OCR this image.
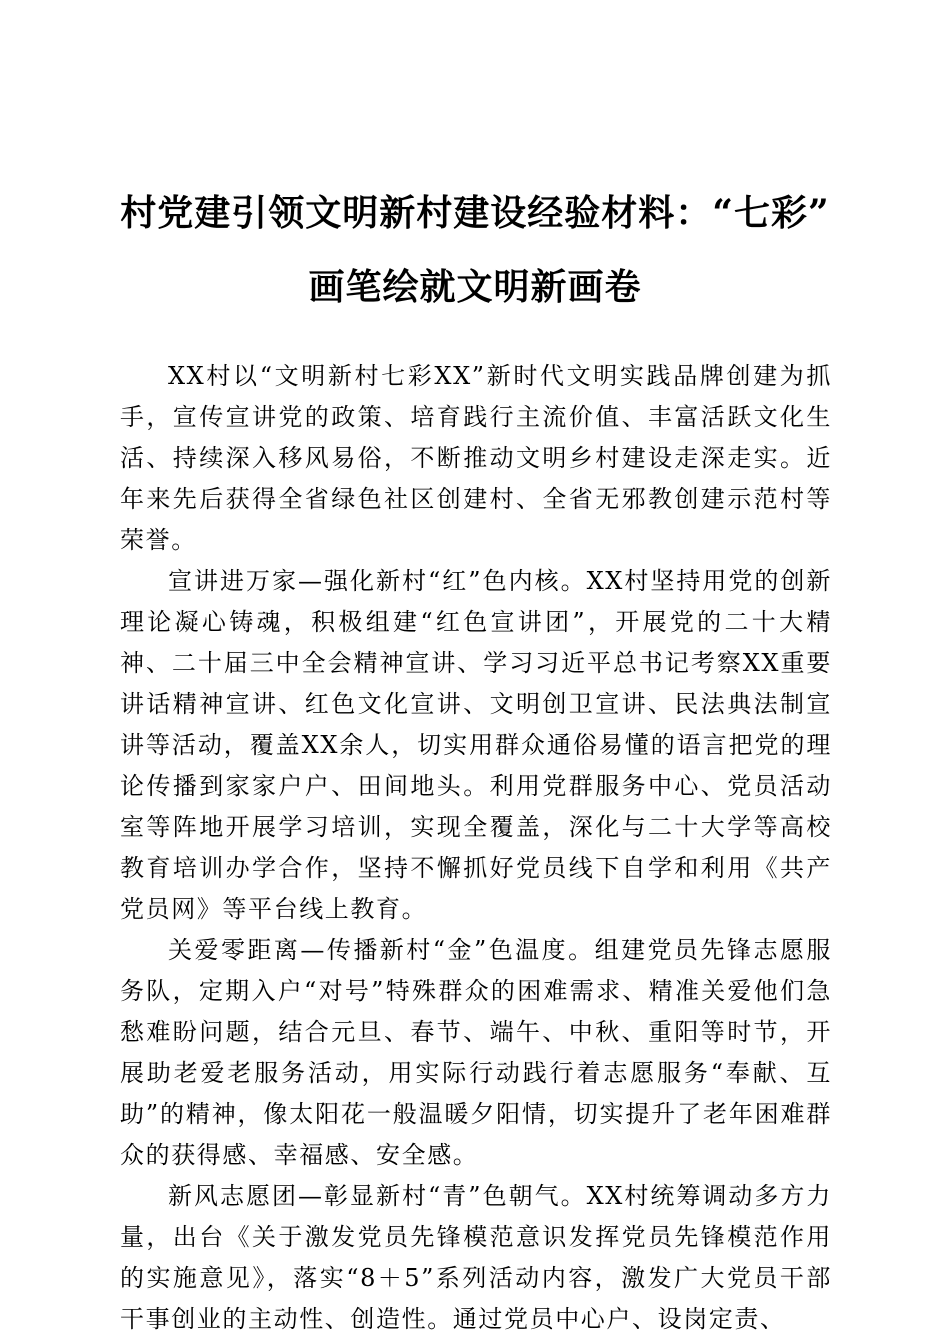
村党建引领文明新村建设经验材料：“七彩”
画笔绘就文明新画卷

XX村以“文明新村七彩XX”新时代文明实践品牌创建为抓手，宣传宣讲党的政策、培育践行主流价值、丰富活跃文化生活、持续深入移风易俗，不断推动文明乡村建设走深走实。近年来先后获得全省绿色社区创建村、全省无邪教创建示范村等荣誉。

宣讲进万家—强化新村“红”色内核。XX村坚持用党的创新理论凝心铸魂，积极组建“红色宣讲团”，开展党的二十大精神、二十届三中全会精神宣讲、学习习近平总书记考察XX重要讲话精神宣讲、红色文化宣讲、文明创卫宣讲、民法典法制宣讲等活动，覆盖XX余人，切实用群众通俗易懂的语言把党的理论传播到家家户户、田间地头。利用党群服务中心、党员活动室等阵地开展学习培训，实现全覆盖，深化与二十大学等高校教育培训办学合作，坚持不懈抓好党员线下自学和利用《共产党员网》等平台线上教育。

关爱零距离—传播新村“金”色温度。组建党员先锋志愿服务队，定期入户“对号”特殊群众的困难需求、精准关爱他们急愁难盼问题，结合元旦、春节、端午、中秋、重阳等时节，开展助老爱老服务活动，用实际行动践行着志愿服务“奉献、互助”的精神，像太阳花一般温暖夕阳情，切实提升了老年困难群众的获得感、幸福感、安全感。

新风志愿团—彰显新村“青”色朝气。XX村统筹调动多方力量，出台《关于激发党员先锋模范意识发挥党员先锋模范作用的实施意见》，落实“8＋5”系列活动内容，激发广大党员干部干事创业的主动性、创造性。通过党员中心户、设岗定责、
